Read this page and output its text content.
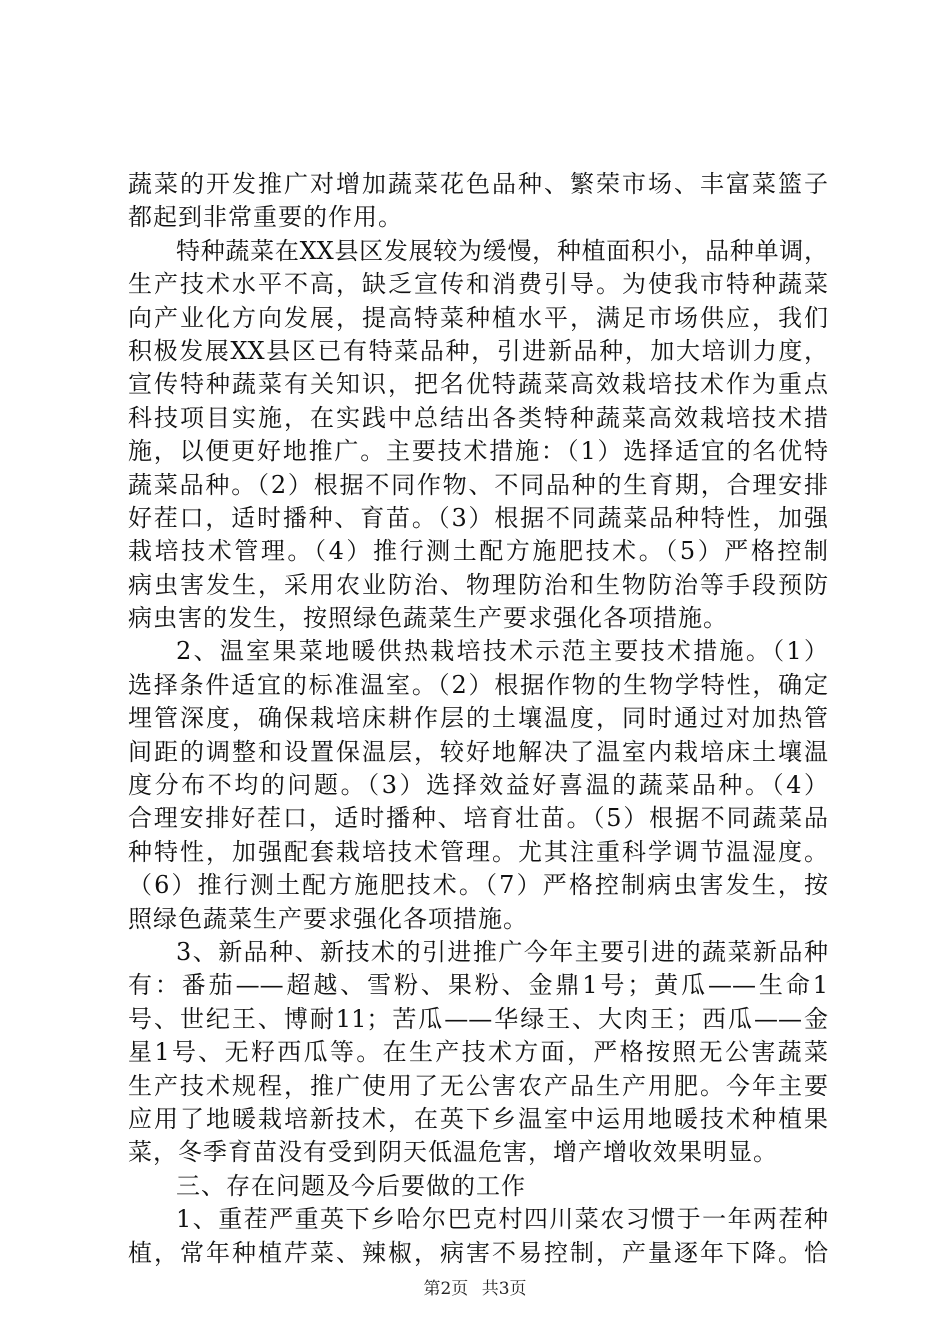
蔬菜的开发推广对增加蔬菜花色品种、繁荣市场、丰富菜篮子
都起到非常重要的作用。
特种蔬菜在XX县区发展较为缓慢，种植面积小，品种单调，
生产技术水平不高，缺乏宣传和消费引导。为使我市特种蔬菜
向产业化方向发展，提高特菜种植水平，满足市场供应，我们
积极发展XX县区已有特菜品种，引进新品种，加大培训力度，
宣传特种蔬菜有关知识，把名优特蔬菜高效栽培技术作为重点
科技项目实施，在实践中总结出各类特种蔬菜高效栽培技术措
施，以便更好地推广。主要技术措施：（1）选择适宜的名优特
蔬菜品种。（2）根据不同作物、不同品种的生育期，合理安排
好茬口，适时播种、育苗。（3）根据不同蔬菜品种特性，加强
栽培技术管理。（4）推行测土配方施肥技术。（5）严格控制
病虫害发生，采用农业防治、物理防治和生物防治等手段预防
病虫害的发生，按照绿色蔬菜生产要求强化各项措施。
2、温室果菜地暖供热栽培技术示范主要技术措施。（1）
选择条件适宜的标准温室。（2）根据作物的生物学特性，确定
埋管深度，确保栽培床耕作层的土壤温度，同时通过对加热管
间距的调整和设置保温层，较好地解决了温室内栽培床土壤温
度分布不均的问题。（3）选择效益好喜温的蔬菜品种。（4）
合理安排好茬口，适时播种、培育壮苗。（5）根据不同蔬菜品
种特性，加强配套栽培技术管理。尤其注重科学调节温湿度。
（6）推行测土配方施肥技术。（7）严格控制病虫害发生，按
照绿色蔬菜生产要求强化各项措施。
3、新品种、新技术的引进推广今年主要引进的蔬菜新品种
有：番茄——超越、雪粉、果粉、金鼎1号；黄瓜——生命1
号、世纪王、博耐11；苦瓜——华绿王、大肉王；西瓜——金
星1号、无籽西瓜等。在生产技术方面，严格按照无公害蔬菜
生产技术规程，推广使用了无公害农产品生产用肥。今年主要
应用了地暖栽培新技术，在英下乡温室中运用地暖技术种植果
菜，冬季育苗没有受到阴天低温危害，增产增收效果明显。
三、存在问题及今后要做的工作
1、重茬严重英下乡哈尔巴克村四川菜农习惯于一年两茬种
植，常年种植芹菜、辣椒，病害不易控制，产量逐年下降。恰
第2页 共3页
